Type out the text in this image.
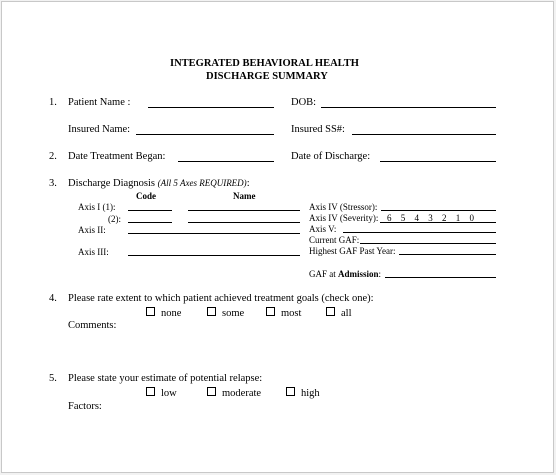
INTEGRATED BEHAVIORAL HEALTH
DISCHARGE SUMMARY
1. Patient Name :	DOB:
Insured Name:	Insured SS#:
2. Date Treatment Began:	Date of Discharge:
3. Discharge Diagnosis (All 5 Axes REQUIRED):
Code	Name
Axis I (1):
(2):
Axis II:
Axis III:
Axis IV (Stressor):
Axis IV (Severity): 6 5 4 3 2 1 0
Axis V:
Current GAF:
Highest GAF Past Year:
GAF at Admission:
4. Please rate extent to which patient achieved treatment goals (check one):
none	some	most	all
Comments:
5. Please state your estimate of potential relapse:
low	moderate	high
Factors:
